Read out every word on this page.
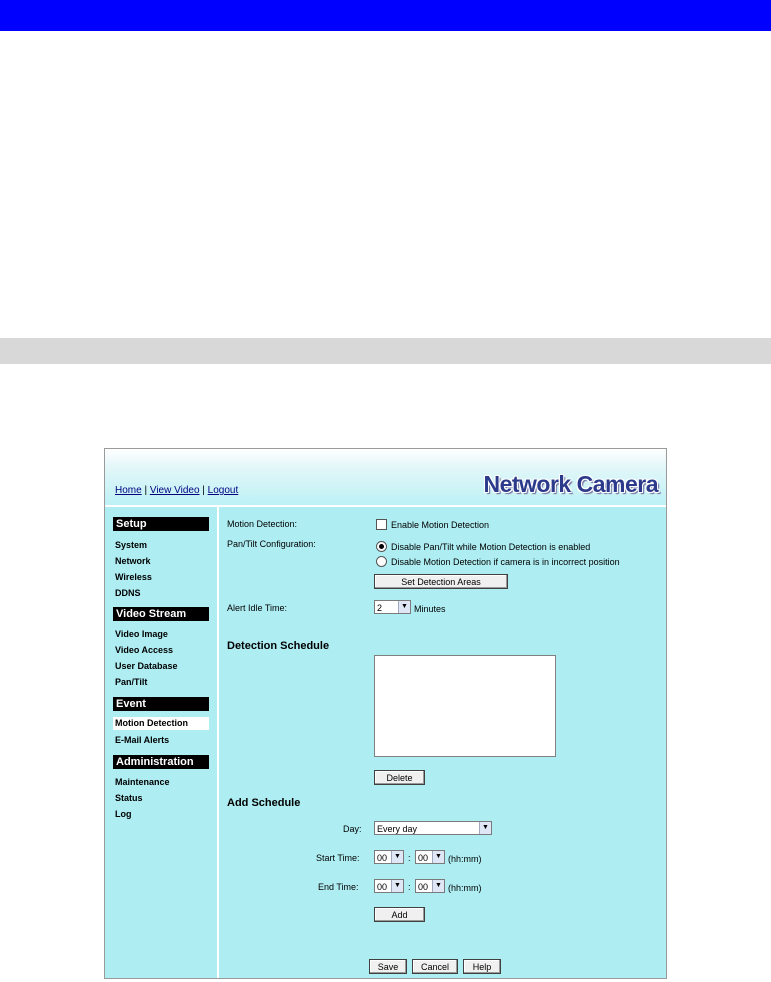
Home | View Video | Logout	Network Camera
Setup
System
Network
Wireless
DDNS
Video Stream
Video Image
Video Access
User Database
Pan/Tilt
Event
Motion Detection
E-Mail Alerts
Administration
Maintenance
Status
Log
Motion Detection:	Enable Motion Detection
Pan/Tilt Configuration:	Disable Pan/Tilt while Motion Detection is enabled
Disable Motion Detection if camera is in incorrect position
Set Detection Areas
Alert Idle Time:	2	▼ Minutes
Detection Schedule
Delete
Add Schedule
Day:	Every day	▼
Start Time:	00	▼ : 00	▼ (hh:mm)
End Time:	00	▼ : 00	▼ (hh:mm)
Add
Save	Cancel	Help
